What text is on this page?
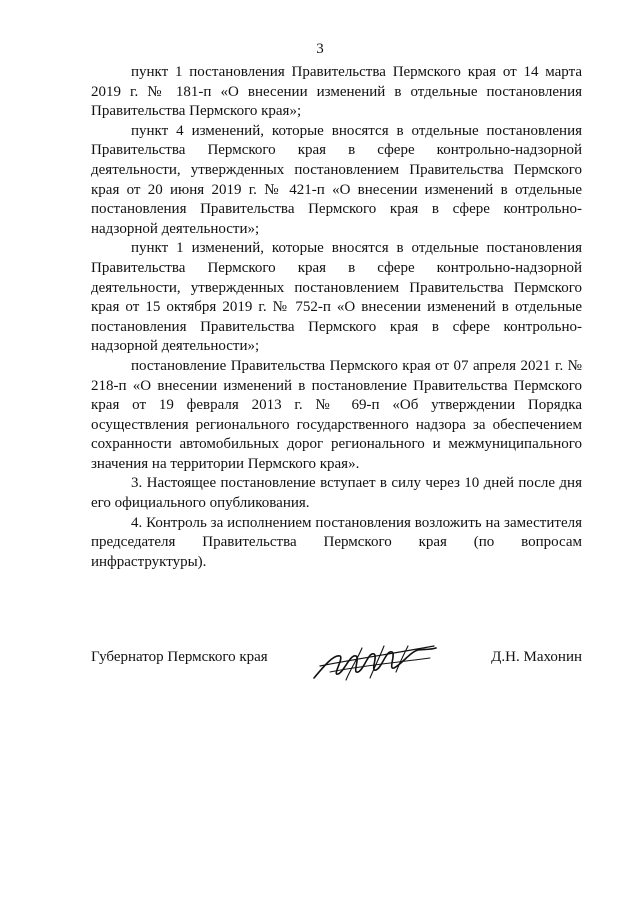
3

пункт 1 постановления Правительства Пермского края от 14 марта 2019 г. № 181-п «О внесении изменений в отдельные постановления Правительства Пермского края»;

пункт 4 изменений, которые вносятся в отдельные постановления Правительства Пермского края в сфере контрольно-надзорной деятельности, утвержденных постановлением Правительства Пермского края от 20 июня 2019 г. № 421-п «О внесении изменений в отдельные постановления Правительства Пермского края в сфере контрольно-надзорной деятельности»;

пункт 1 изменений, которые вносятся в отдельные постановления Правительства Пермского края в сфере контрольно-надзорной деятельности, утвержденных постановлением Правительства Пермского края от 15 октября 2019 г. № 752-п «О внесении изменений в отдельные постановления Правительства Пермского края в сфере контрольно-надзорной деятельности»;

постановление Правительства Пермского края от 07 апреля 2021 г. № 218-п «О внесении изменений в постановление Правительства Пермского края от 19 февраля 2013 г. № 69-п «Об утверждении Порядка осуществления регионального государственного надзора за обеспечением сохранности автомобильных дорог регионального и межмуниципального значения на территории Пермского края».

3. Настоящее постановление вступает в силу через 10 дней после дня его официального опубликования.

4. Контроль за исполнением постановления возложить на заместителя председателя Правительства Пермского края (по вопросам инфраструктуры).

Губернатор Пермского края	Д.Н. Махонин
